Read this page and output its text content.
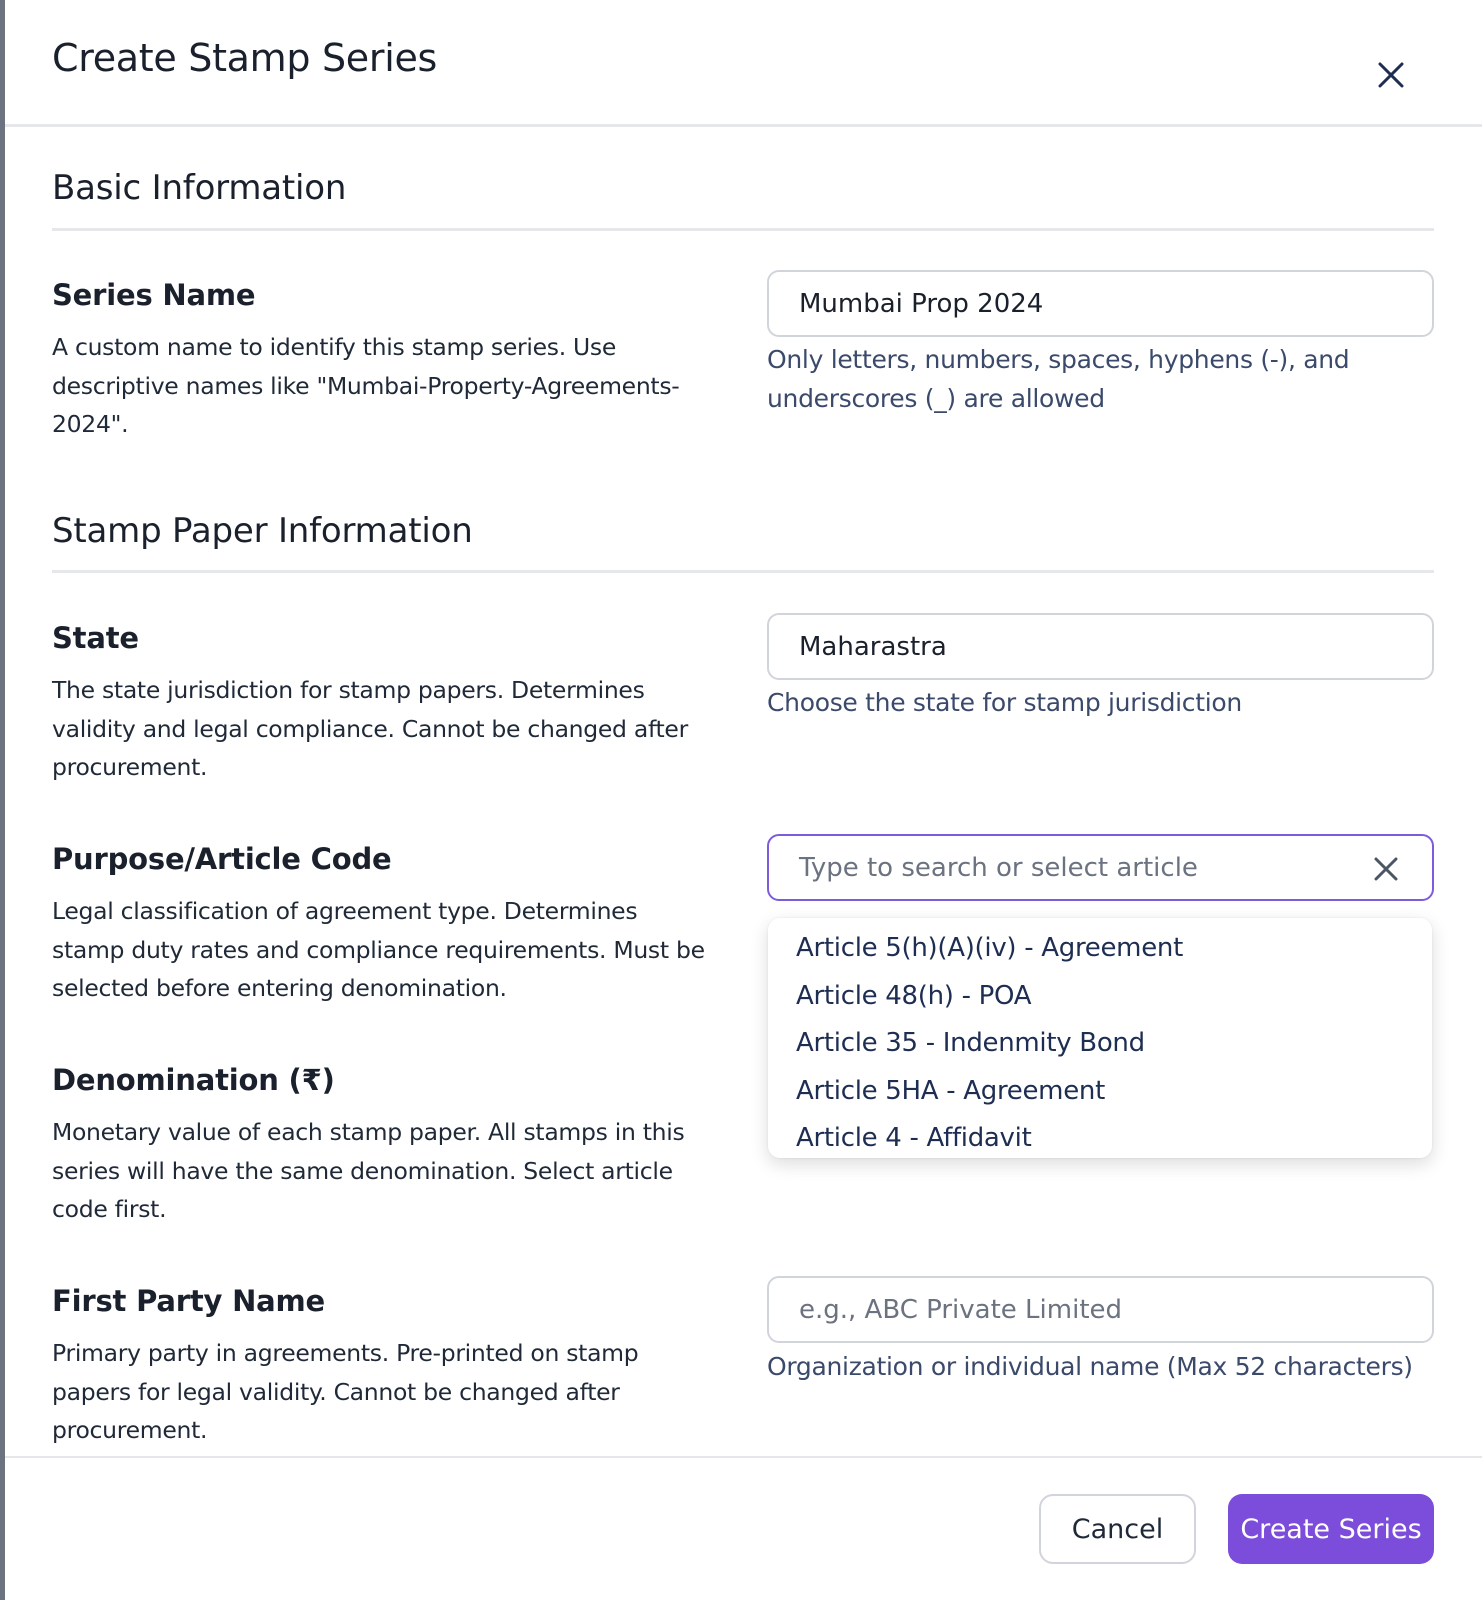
Create Stamp Series
Basic Information
Series Name
A custom name to identify this stamp series. Use descriptive names like "Mumbai-Property-Agreements-2024".
Mumbai Prop 2024
Only letters, numbers, spaces, hyphens (-), and underscores (_) are allowed
Stamp Paper Information
State
The state jurisdiction for stamp papers. Determines validity and legal compliance. Cannot be changed after procurement.
Maharastra
Choose the state for stamp jurisdiction
Purpose/Article Code
Legal classification of agreement type. Determines stamp duty rates and compliance requirements. Must be selected before entering denomination.
Type to search or select article
Denomination (₹)
Monetary value of each stamp paper. All stamps in this series will have the same denomination. Select article code first.
Article 5(h)(A)(iv) - Agreement
Article 48(h) - POA
Article 35 - Indenmity Bond
Article 5HA - Agreement
Article 4 - Affidavit
First Party Name
Primary party in agreements. Pre-printed on stamp papers for legal validity. Cannot be changed after procurement.
e.g., ABC Private Limited
Organization or individual name (Max 52 characters)
Cancel	Create Series
